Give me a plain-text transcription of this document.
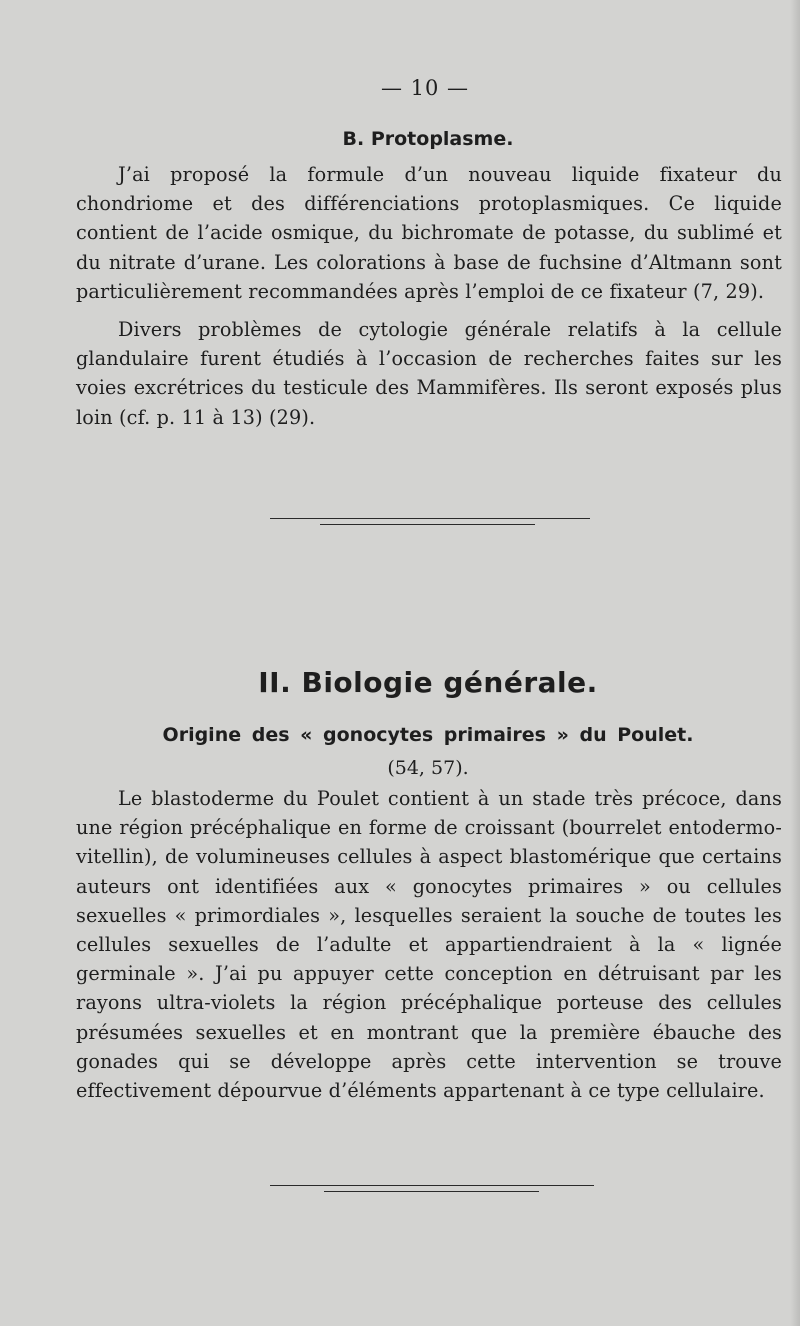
— 10 —
B. Protoplasme.

J’ai proposé la formule d’un nouveau liquide fixateur du chondriome et des différenciations protoplasmiques. Ce liquide contient de l’acide osmique, du bichromate de potasse, du sublimé et du nitrate d’urane. Les colorations à base de fuchsine d’Altmann sont particulièrement recommandées après l’emploi de ce fixateur (7, 29).

Divers problèmes de cytologie générale relatifs à la cellule glandulaire furent étudiés à l’occasion de recherches faites sur les voies excrétrices du testicule des Mammifères. Ils seront exposés plus loin (cf. p. 11 à 13) (29).

II. Biologie générale.
Origine des « gonocytes primaires » du Poulet.
(54, 57).

Le blastoderme du Poulet contient à un stade très précoce, dans une région précéphalique en forme de croissant (bourrelet entodermo-vitellin), de volumineuses cellules à aspect blastomérique que certains auteurs ont identifiées aux « gonocytes primaires » ou cellules sexuelles « primordiales », lesquelles seraient la souche de toutes les cellules sexuelles de l’adulte et appartiendraient à la « lignée germinale ». J’ai pu appuyer cette conception en détruisant par les rayons ultra-violets la région précéphalique porteuse des cellules présumées sexuelles et en montrant que la première ébauche des gonades qui se développe après cette intervention se trouve effectivement dépourvue d’éléments appartenant à ce type cellulaire.
